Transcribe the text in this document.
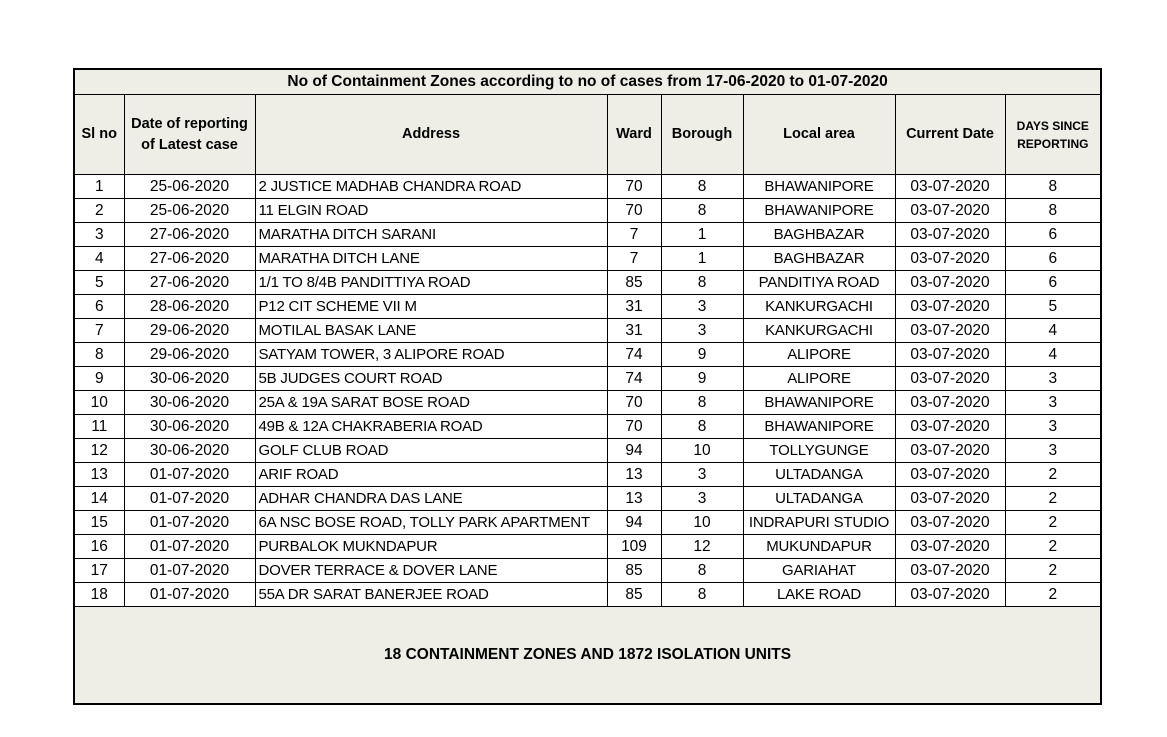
No of Containment Zones according to no of cases from 17-06-2020 to 01-07-2020							
Sl no	Date of reporting of Latest case	Address	Ward	Borough	Local area	Current Date	DAYS SINCE REPORTING
1	25-06-2020	2 JUSTICE MADHAB CHANDRA ROAD	70	8	BHAWANIPORE	03-07-2020	8
2	25-06-2020	11 ELGIN ROAD	70	8	BHAWANIPORE	03-07-2020	8
3	27-06-2020	MARATHA DITCH SARANI	7	1	BAGHBAZAR	03-07-2020	6
4	27-06-2020	MARATHA DITCH LANE	7	1	BAGHBAZAR	03-07-2020	6
5	27-06-2020	1/1 TO 8/4B PANDITTIYA ROAD	85	8	PANDITIYA ROAD	03-07-2020	6
6	28-06-2020	P12 CIT SCHEME VII M	31	3	KANKURGACHI	03-07-2020	5
7	29-06-2020	MOTILAL BASAK LANE	31	3	KANKURGACHI	03-07-2020	4
8	29-06-2020	SATYAM TOWER, 3 ALIPORE ROAD	74	9	ALIPORE	03-07-2020	4
9	30-06-2020	5B JUDGES COURT ROAD	74	9	ALIPORE	03-07-2020	3
10	30-06-2020	25A & 19A SARAT BOSE ROAD	70	8	BHAWANIPORE	03-07-2020	3
11	30-06-2020	49B & 12A CHAKRABERIA ROAD	70	8	BHAWANIPORE	03-07-2020	3
12	30-06-2020	GOLF CLUB ROAD	94	10	TOLLYGUNGE	03-07-2020	3
13	01-07-2020	ARIF ROAD	13	3	ULTADANGA	03-07-2020	2
14	01-07-2020	ADHAR CHANDRA DAS LANE	13	3	ULTADANGA	03-07-2020	2
15	01-07-2020	6A NSC BOSE ROAD, TOLLY PARK APARTMENT	94	10	INDRAPURI STUDIO	03-07-2020	2
16	01-07-2020	PURBALOK MUKNDAPUR	109	12	MUKUNDAPUR	03-07-2020	2
17	01-07-2020	DOVER TERRACE & DOVER LANE	85	8	GARIAHAT	03-07-2020	2
18	01-07-2020	55A DR SARAT BANERJEE ROAD	85	8	LAKE ROAD	03-07-2020	2
18 CONTAINMENT ZONES AND 1872 ISOLATION UNITS							
